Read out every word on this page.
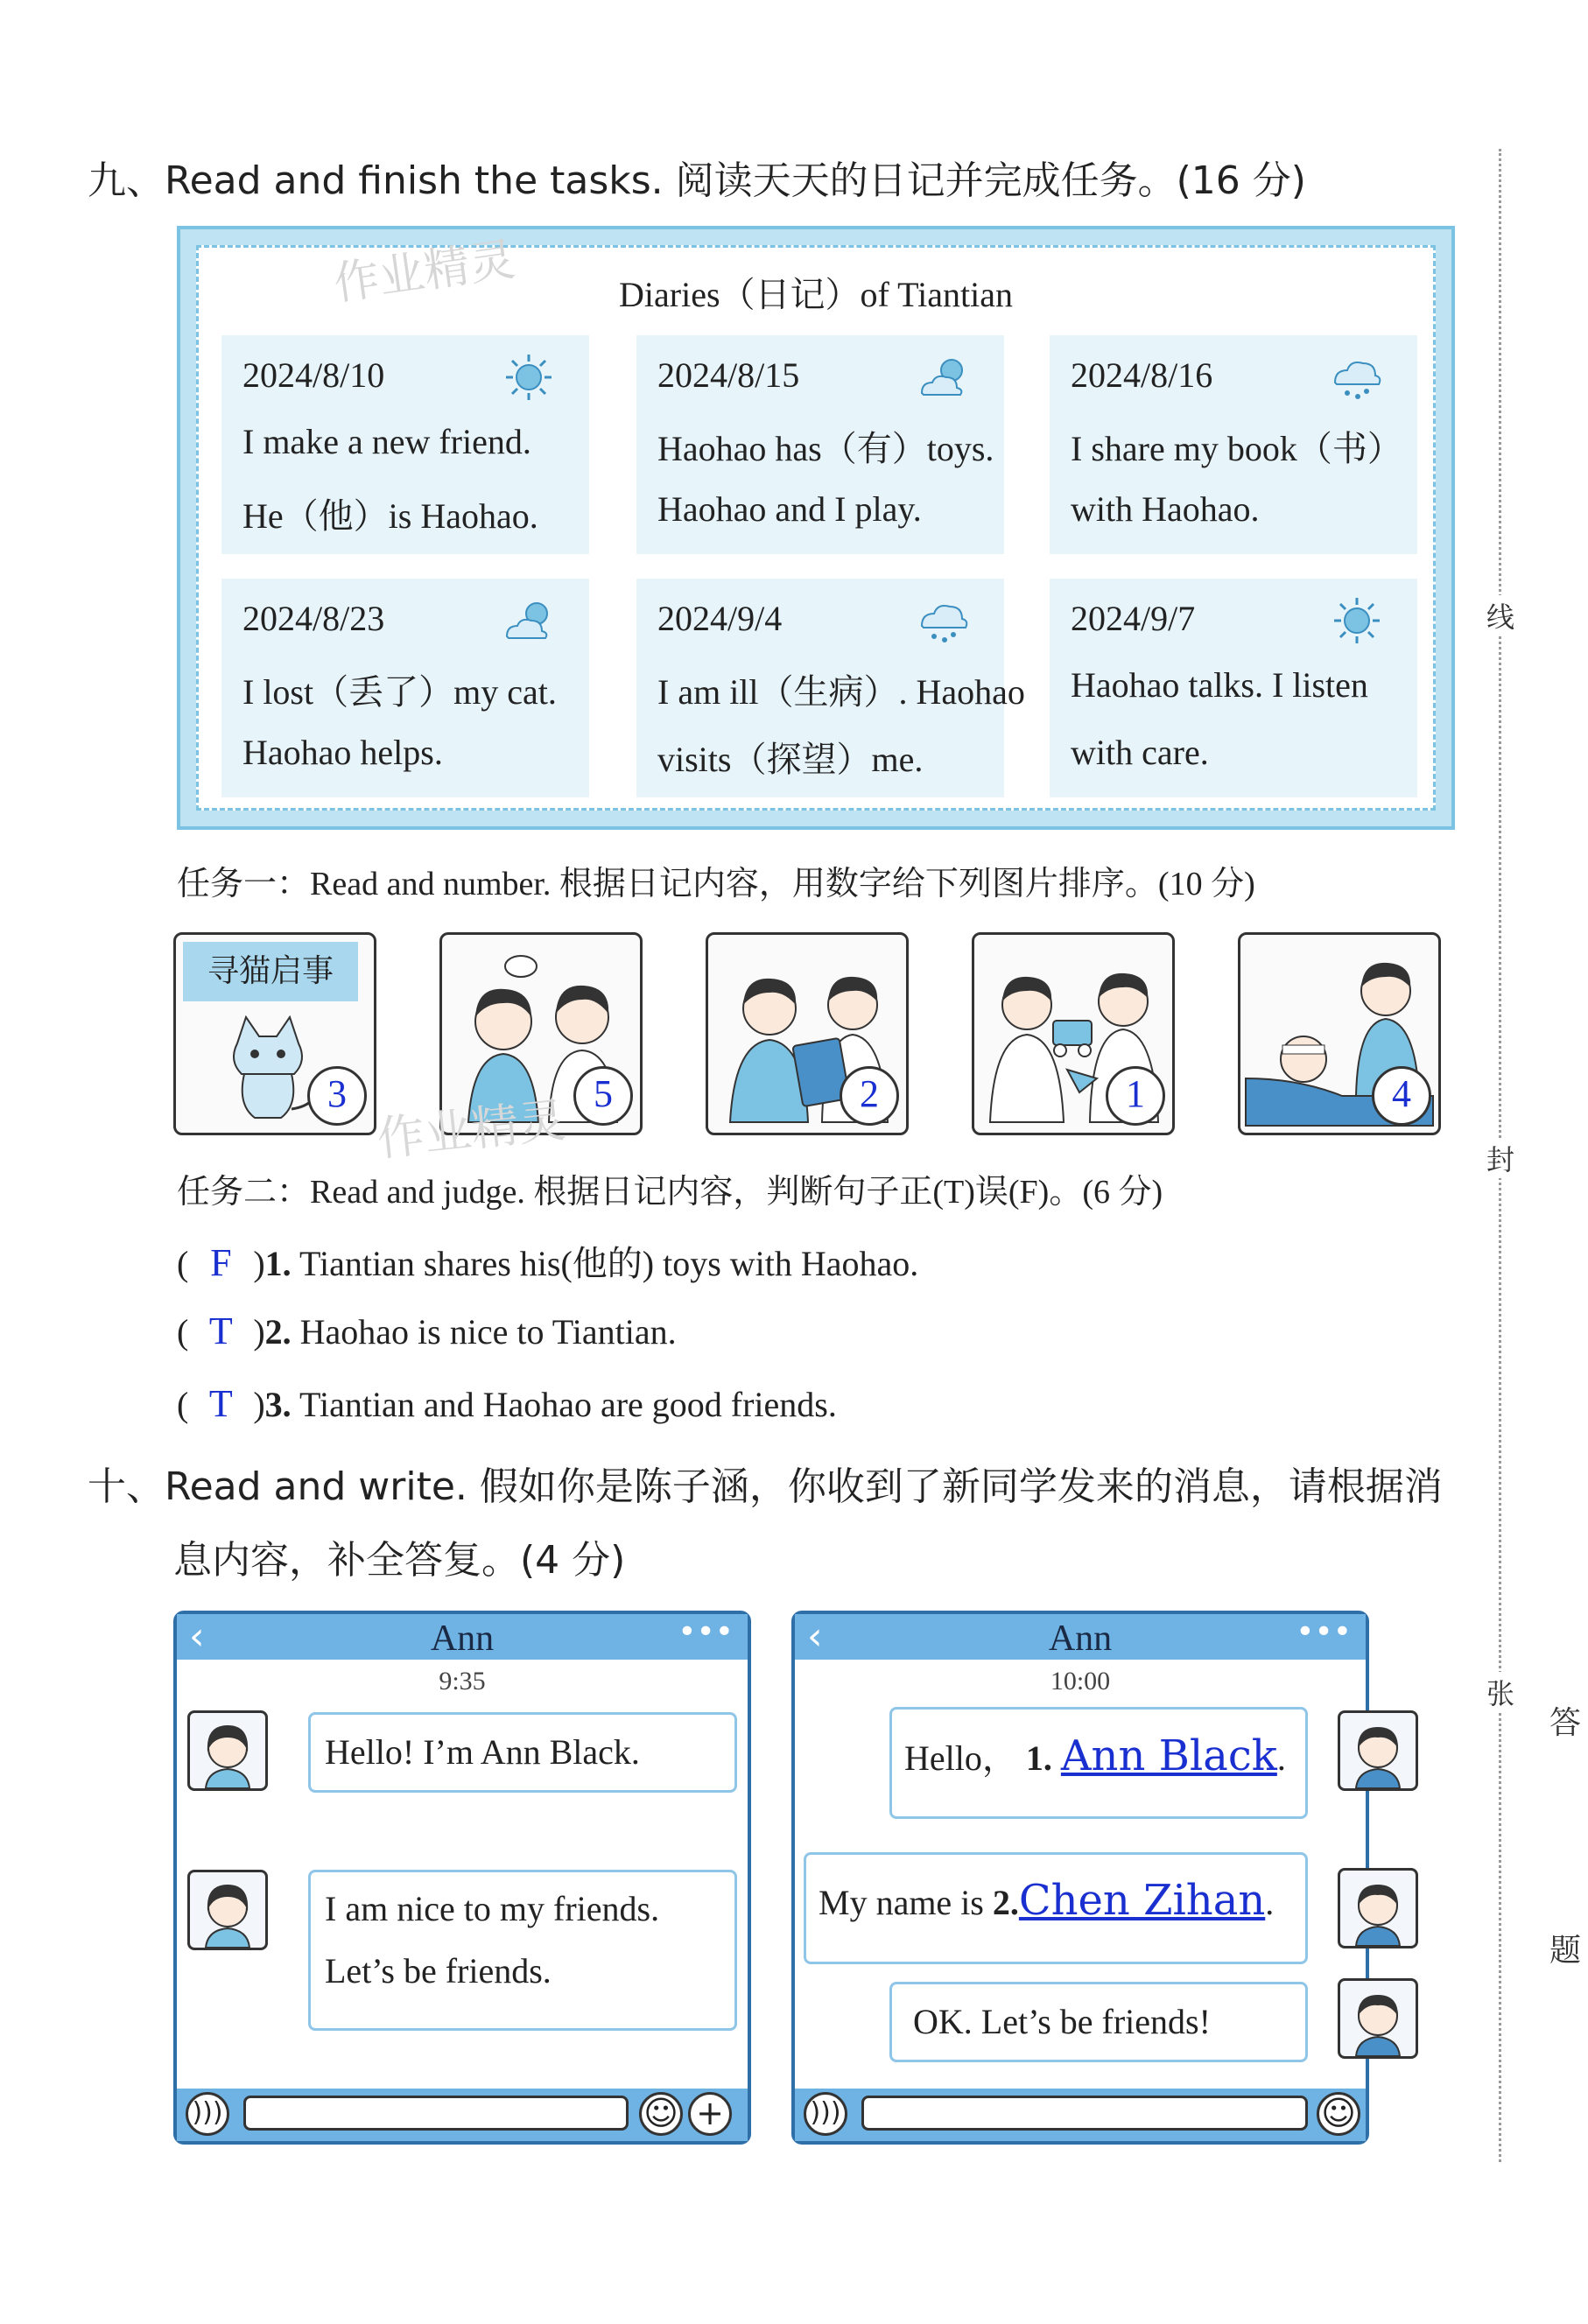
九、Read and finish the tasks. 阅读天天的日记并完成任务。(16 分)
Diaries（日记）of Tiantian
2024/8/10
I make a new friend.
He（他）is Haohao.
2024/8/15
Haohao has（有）toys.
Haohao and I play.
2024/8/16
I share my book（书）
with Haohao.
2024/8/23
I lost（丢了）my cat.
Haohao helps.
2024/9/4
I am ill（生病）. Haohao
visits（探望）me.
2024/9/7
Haohao talks. I listen
with care.
作业精灵
任务一：Read and number. 根据日记内容，用数字给下列图片排序。(10 分)
寻猫启事
3	5	2	1	4
作业精灵
任务二：Read and judge. 根据日记内容，判断句子正(T)误(F)。(6 分)
( F )1. Tiantian shares his(他的) toys with Haohao.
( T )2. Haohao is nice to Tiantian.
( T )3. Tiantian and Haohao are good friends.
十、Read and write. 假如你是陈子涵，你收到了新同学发来的消息，请根据消
息内容，补全答复。(4 分)
‹	Ann	•••
9:35
Hello! I’m Ann Black.
I am nice to my friends.
Let’s be friends.
)))	☺ +
‹	Ann	•••
10:00
Hello， 1. Ann Black.
My name is 2.Chen Zihan.
OK. Let’s be friends!
)))	☺
线
封
张
答
题
